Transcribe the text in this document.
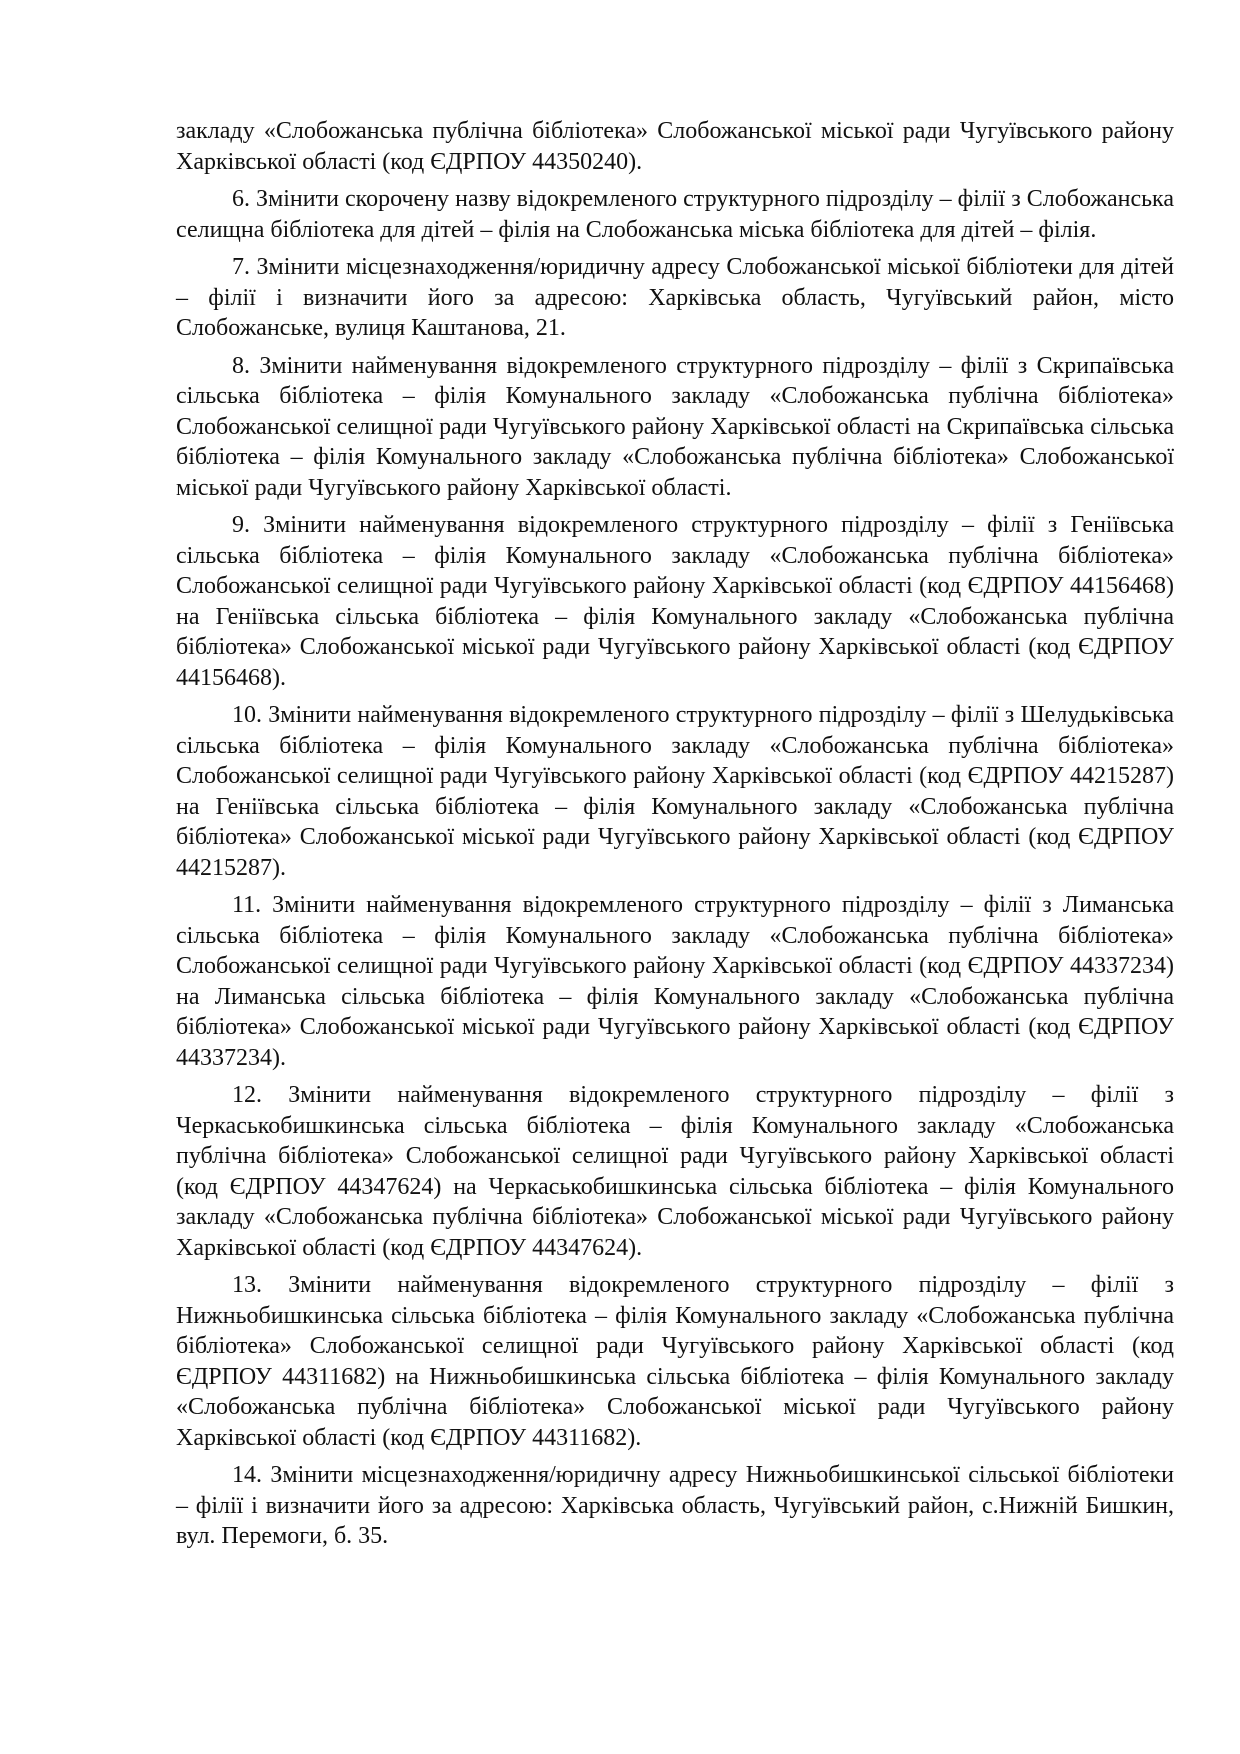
закладу «Слобожанська публічна бібліотека» Слобожанської міської ради Чугуївського району Харківської області (код ЄДРПОУ 44350240).

6. Змінити скорочену назву відокремленого структурного підрозділу – філії з Слобожанська селищна бібліотека для дітей – філія на Слобожанська міська бібліотека для дітей – філія.

7. Змінити місцезнаходження/юридичну адресу Слобожанської міської бібліотеки для дітей – філії і визначити його за адресою: Харківська область, Чугуївський район, місто Слобожанське, вулиця Каштанова, 21.

8. Змінити найменування відокремленого структурного підрозділу – філії з Скрипаївська сільська бібліотека – філія Комунального закладу «Слобожанська публічна бібліотека» Слобожанської селищної ради Чугуївського району Харківської області на Скрипаївська сільська бібліотека – філія Комунального закладу «Слобожанська публічна бібліотека» Слобожанської міської ради Чугуївського району Харківської області.

9. Змінити найменування відокремленого структурного підрозділу – філії з Геніївська сільська бібліотека – філія Комунального закладу «Слобожанська публічна бібліотека» Слобожанської селищної ради Чугуївського району Харківської області (код ЄДРПОУ 44156468) на Геніївська сільська бібліотека – філія Комунального закладу «Слобожанська публічна бібліотека» Слобожанської міської ради Чугуївського району Харківської області (код ЄДРПОУ 44156468).

10. Змінити найменування відокремленого структурного підрозділу – філії з Шелудьківська сільська бібліотека – філія Комунального закладу «Слобожанська публічна бібліотека» Слобожанської селищної ради Чугуївського району Харківської області (код ЄДРПОУ 44215287) на Геніївська сільська бібліотека – філія Комунального закладу «Слобожанська публічна бібліотека» Слобожанської міської ради Чугуївського району Харківської області (код ЄДРПОУ 44215287).

11. Змінити найменування відокремленого структурного підрозділу – філії з Лиманська сільська бібліотека – філія Комунального закладу «Слобожанська публічна бібліотека» Слобожанської селищної ради Чугуївського району Харківської області (код ЄДРПОУ 44337234) на Лиманська сільська бібліотека – філія Комунального закладу «Слобожанська публічна бібліотека» Слобожанської міської ради Чугуївського району Харківської області (код ЄДРПОУ 44337234).

12. Змінити найменування відокремленого структурного підрозділу – філії з Черкаськобишкинська сільська бібліотека – філія Комунального закладу «Слобожанська публічна бібліотека» Слобожанської селищної ради Чугуївського району Харківської області (код ЄДРПОУ 44347624) на Черкаськобишкинська сільська бібліотека – філія Комунального закладу «Слобожанська публічна бібліотека» Слобожанської міської ради Чугуївського району Харківської області (код ЄДРПОУ 44347624).

13. Змінити найменування відокремленого структурного підрозділу – філії з Нижньобишкинська сільська бібліотека – філія Комунального закладу «Слобожанська публічна бібліотека» Слобожанської селищної ради Чугуївського району Харківської області (код ЄДРПОУ 44311682) на Нижньобишкинська сільська бібліотека – філія Комунального закладу «Слобожанська публічна бібліотека» Слобожанської міської ради Чугуївського району Харківської області (код ЄДРПОУ 44311682).

14. Змінити місцезнаходження/юридичну адресу Нижньобишкинської сільської бібліотеки – філії і визначити його за адресою: Харківська область, Чугуївський район, с.Нижній Бишкин, вул. Перемоги, б. 35.
